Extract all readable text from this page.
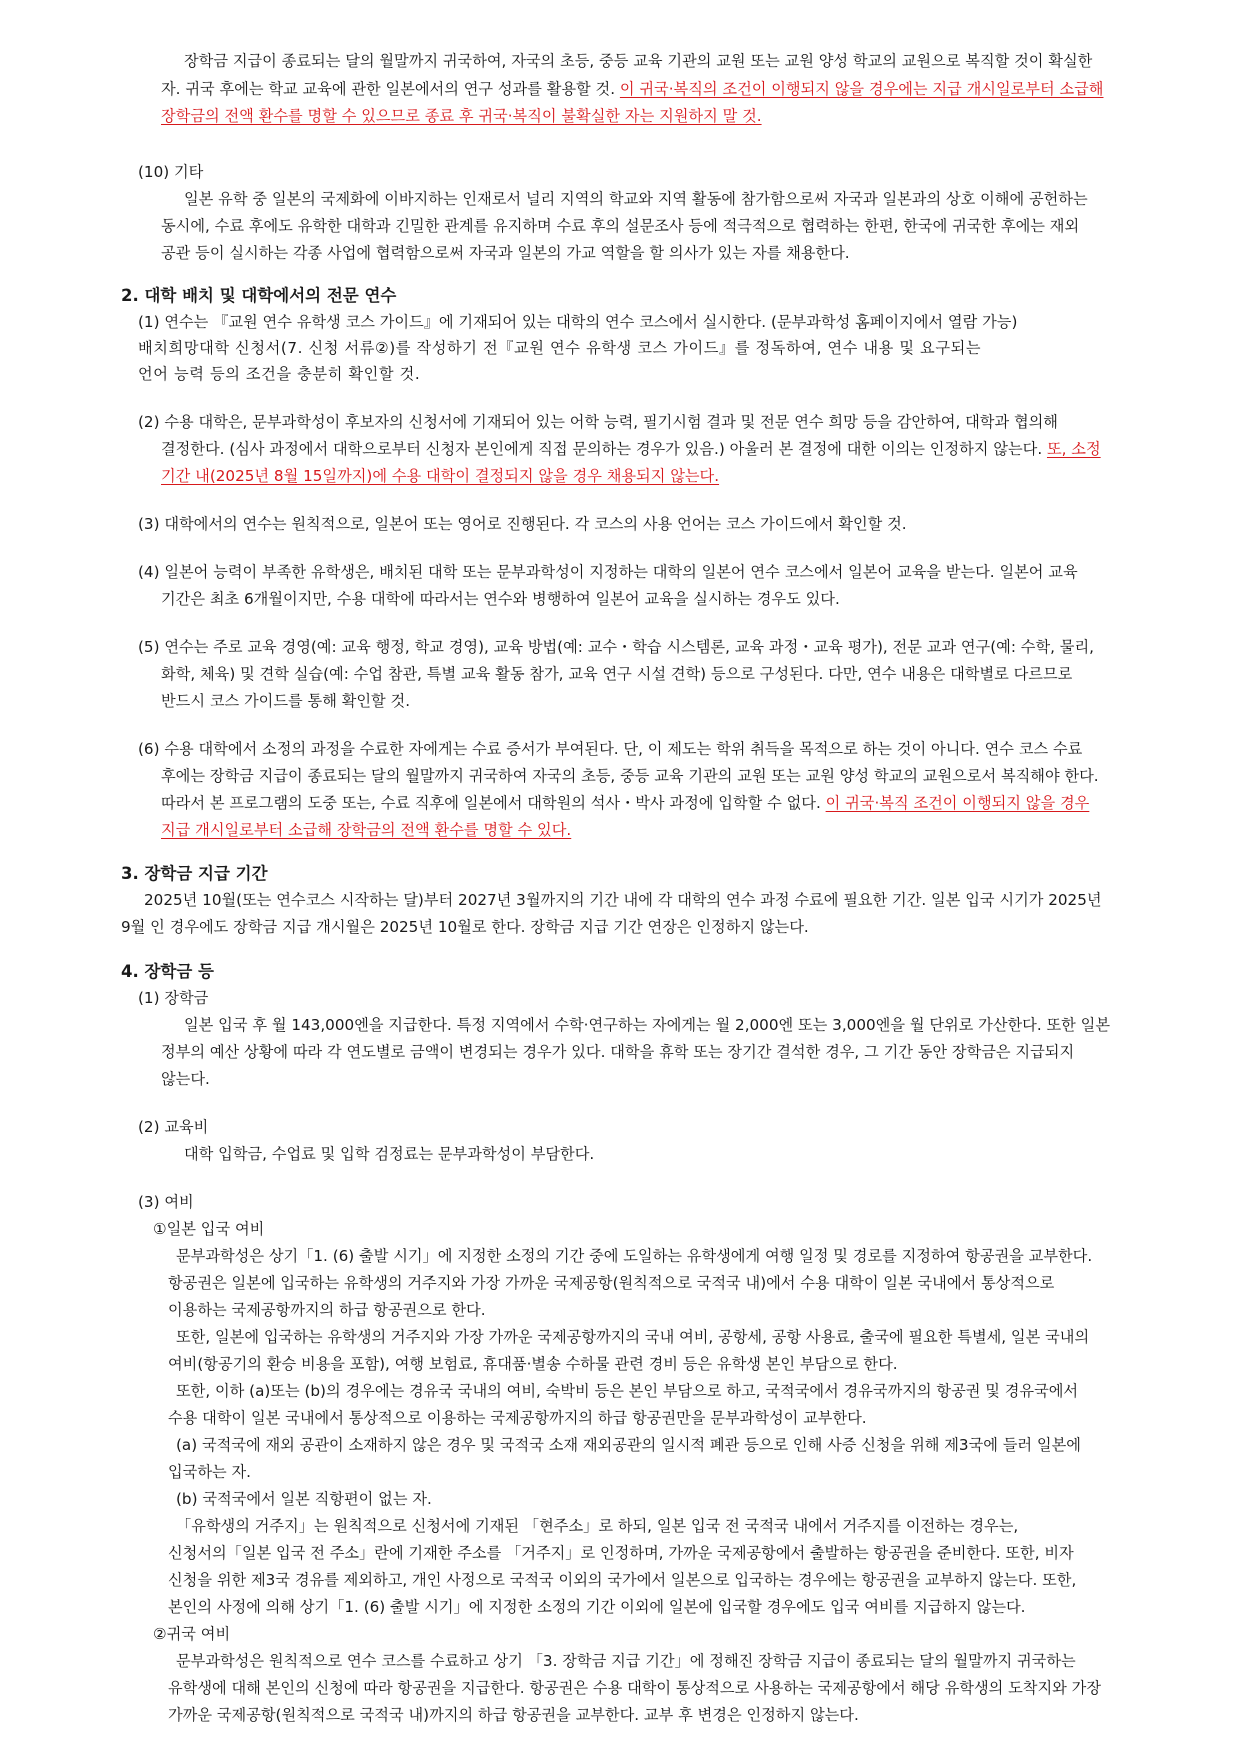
장학금 지급이 종료되는 달의 월말까지 귀국하여, 자국의 초등, 중등 교육 기관의 교원 또는 교원 양성 학교의 교원으로 복직할 것이 확실한
자. 귀국 후에는 학교 교육에 관한 일본에서의 연구 성과를 활용할 것. 이 귀국·복직의 조건이 이행되지 않을 경우에는 지급 개시일로부터 소급해
장학금의 전액 환수를 명할 수 있으므로 종료 후 귀국·복직이 불확실한 자는 지원하지 말 것.
(10) 기타
일본 유학 중 일본의 국제화에 이바지하는 인재로서 널리 지역의 학교와 지역 활동에 참가함으로써 자국과 일본과의 상호 이해에 공헌하는
동시에, 수료 후에도 유학한 대학과 긴밀한 관계를 유지하며 수료 후의 설문조사 등에 적극적으로 협력하는 한편, 한국에 귀국한 후에는 재외
공관 등이 실시하는 각종 사업에 협력함으로써 자국과 일본의 가교 역할을 할 의사가 있는 자를 채용한다.
2. 대학 배치 및 대학에서의 전문 연수
(1) 연수는 『교원 연수 유학생 코스 가이드』에 기재되어 있는 대학의 연수 코스에서 실시한다. (문부과학성 홈페이지에서 열람 가능)
배치희망대학 신청서(7. 신청 서류②)를 작성하기 전『교원 연수 유학생 코스 가이드』를 정독하여, 연수 내용 및 요구되는
언어 능력 등의 조건을 충분히 확인할 것.
(2) 수용 대학은, 문부과학성이 후보자의 신청서에 기재되어 있는 어학 능력, 필기시험 결과 및 전문 연수 희망 등을 감안하여, 대학과 협의해
결정한다. (심사 과정에서 대학으로부터 신청자 본인에게 직접 문의하는 경우가 있음.) 아울러 본 결정에 대한 이의는 인정하지 않는다. 또, 소정
기간 내(2025년 8월 15일까지)에 수용 대학이 결정되지 않을 경우 채용되지 않는다.
(3) 대학에서의 연수는 원칙적으로, 일본어 또는 영어로 진행된다. 각 코스의 사용 언어는 코스 가이드에서 확인할 것.
(4) 일본어 능력이 부족한 유학생은, 배치된 대학 또는 문부과학성이 지정하는 대학의 일본어 연수 코스에서 일본어 교육을 받는다. 일본어 교육
기간은 최초 6개월이지만, 수용 대학에 따라서는 연수와 병행하여 일본어 교육을 실시하는 경우도 있다.
(5) 연수는 주로 교육 경영(예: 교육 행정, 학교 경영), 교육 방법(예: 교수・학습 시스템론, 교육 과정・교육 평가), 전문 교과 연구(예: 수학, 물리,
화학, 체육) 및 견학 실습(예: 수업 참관, 특별 교육 활동 참가, 교육 연구 시설 견학) 등으로 구성된다. 다만, 연수 내용은 대학별로 다르므로
반드시 코스 가이드를 통해 확인할 것.
(6) 수용 대학에서 소정의 과정을 수료한 자에게는 수료 증서가 부여된다. 단, 이 제도는 학위 취득을 목적으로 하는 것이 아니다. 연수 코스 수료
후에는 장학금 지급이 종료되는 달의 월말까지 귀국하여 자국의 초등, 중등 교육 기관의 교원 또는 교원 양성 학교의 교원으로서 복직해야 한다.
따라서 본 프로그램의 도중 또는, 수료 직후에 일본에서 대학원의 석사・박사 과정에 입학할 수 없다. 이 귀국·복직 조건이 이행되지 않을 경우
지급 개시일로부터 소급해 장학금의 전액 환수를 명할 수 있다.
3. 장학금 지급 기간
2025년 10월(또는 연수코스 시작하는 달)부터 2027년 3월까지의 기간 내에 각 대학의 연수 과정 수료에 필요한 기간. 일본 입국 시기가 2025년
9월 인 경우에도 장학금 지급 개시월은 2025년 10월로 한다. 장학금 지급 기간 연장은 인정하지 않는다.
4. 장학금 등
(1) 장학금
일본 입국 후 월 143,000엔을 지급한다. 특정 지역에서 수학·연구하는 자에게는 월 2,000엔 또는 3,000엔을 월 단위로 가산한다. 또한 일본
정부의 예산 상황에 따라 각 연도별로 금액이 변경되는 경우가 있다. 대학을 휴학 또는 장기간 결석한 경우, 그 기간 동안 장학금은 지급되지
않는다.
(2) 교육비
대학 입학금, 수업료 및 입학 검정료는 문부과학성이 부담한다.
(3) 여비
①일본 입국 여비
문부과학성은 상기「1. (6) 출발 시기」에 지정한 소정의 기간 중에 도일하는 유학생에게 여행 일정 및 경로를 지정하여 항공권을 교부한다.
항공권은 일본에 입국하는 유학생의 거주지와 가장 가까운 국제공항(원칙적으로 국적국 내)에서 수용 대학이 일본 국내에서 통상적으로
이용하는 국제공항까지의 하급 항공권으로 한다.
또한, 일본에 입국하는 유학생의 거주지와 가장 가까운 국제공항까지의 국내 여비, 공항세, 공항 사용료, 출국에 필요한 특별세, 일본 국내의
여비(항공기의 환승 비용을 포함), 여행 보험료, 휴대품·별송 수하물 관련 경비 등은 유학생 본인 부담으로 한다.
또한, 이하 (a)또는 (b)의 경우에는 경유국 국내의 여비, 숙박비 등은 본인 부담으로 하고, 국적국에서 경유국까지의 항공권 및 경유국에서
수용 대학이 일본 국내에서 통상적으로 이용하는 국제공항까지의 하급 항공권만을 문부과학성이 교부한다.
(a) 국적국에 재외 공관이 소재하지 않은 경우 및 국적국 소재 재외공관의 일시적 폐관 등으로 인해 사증 신청을 위해 제3국에 들러 일본에
입국하는 자.
(b) 국적국에서 일본 직항편이 없는 자.
「유학생의 거주지」는 원칙적으로 신청서에 기재된 「현주소」로 하되, 일본 입국 전 국적국 내에서 거주지를 이전하는 경우는,
신청서의「일본 입국 전 주소」란에 기재한 주소를 「거주지」로 인정하며, 가까운 국제공항에서 출발하는 항공권을 준비한다. 또한, 비자
신청을 위한 제3국 경유를 제외하고, 개인 사정으로 국적국 이외의 국가에서 일본으로 입국하는 경우에는 항공권을 교부하지 않는다. 또한,
본인의 사정에 의해 상기「1. (6) 출발 시기」에 지정한 소정의 기간 이외에 일본에 입국할 경우에도 입국 여비를 지급하지 않는다.
②귀국 여비
문부과학성은 원칙적으로 연수 코스를 수료하고 상기 「3. 장학금 지급 기간」에 정해진 장학금 지급이 종료되는 달의 월말까지 귀국하는
유학생에 대해 본인의 신청에 따라 항공권을 지급한다. 항공권은 수용 대학이 통상적으로 사용하는 국제공항에서 해당 유학생의 도착지와 가장
가까운 국제공항(원칙적으로 국적국 내)까지의 하급 항공권을 교부한다. 교부 후 변경은 인정하지 않는다.
